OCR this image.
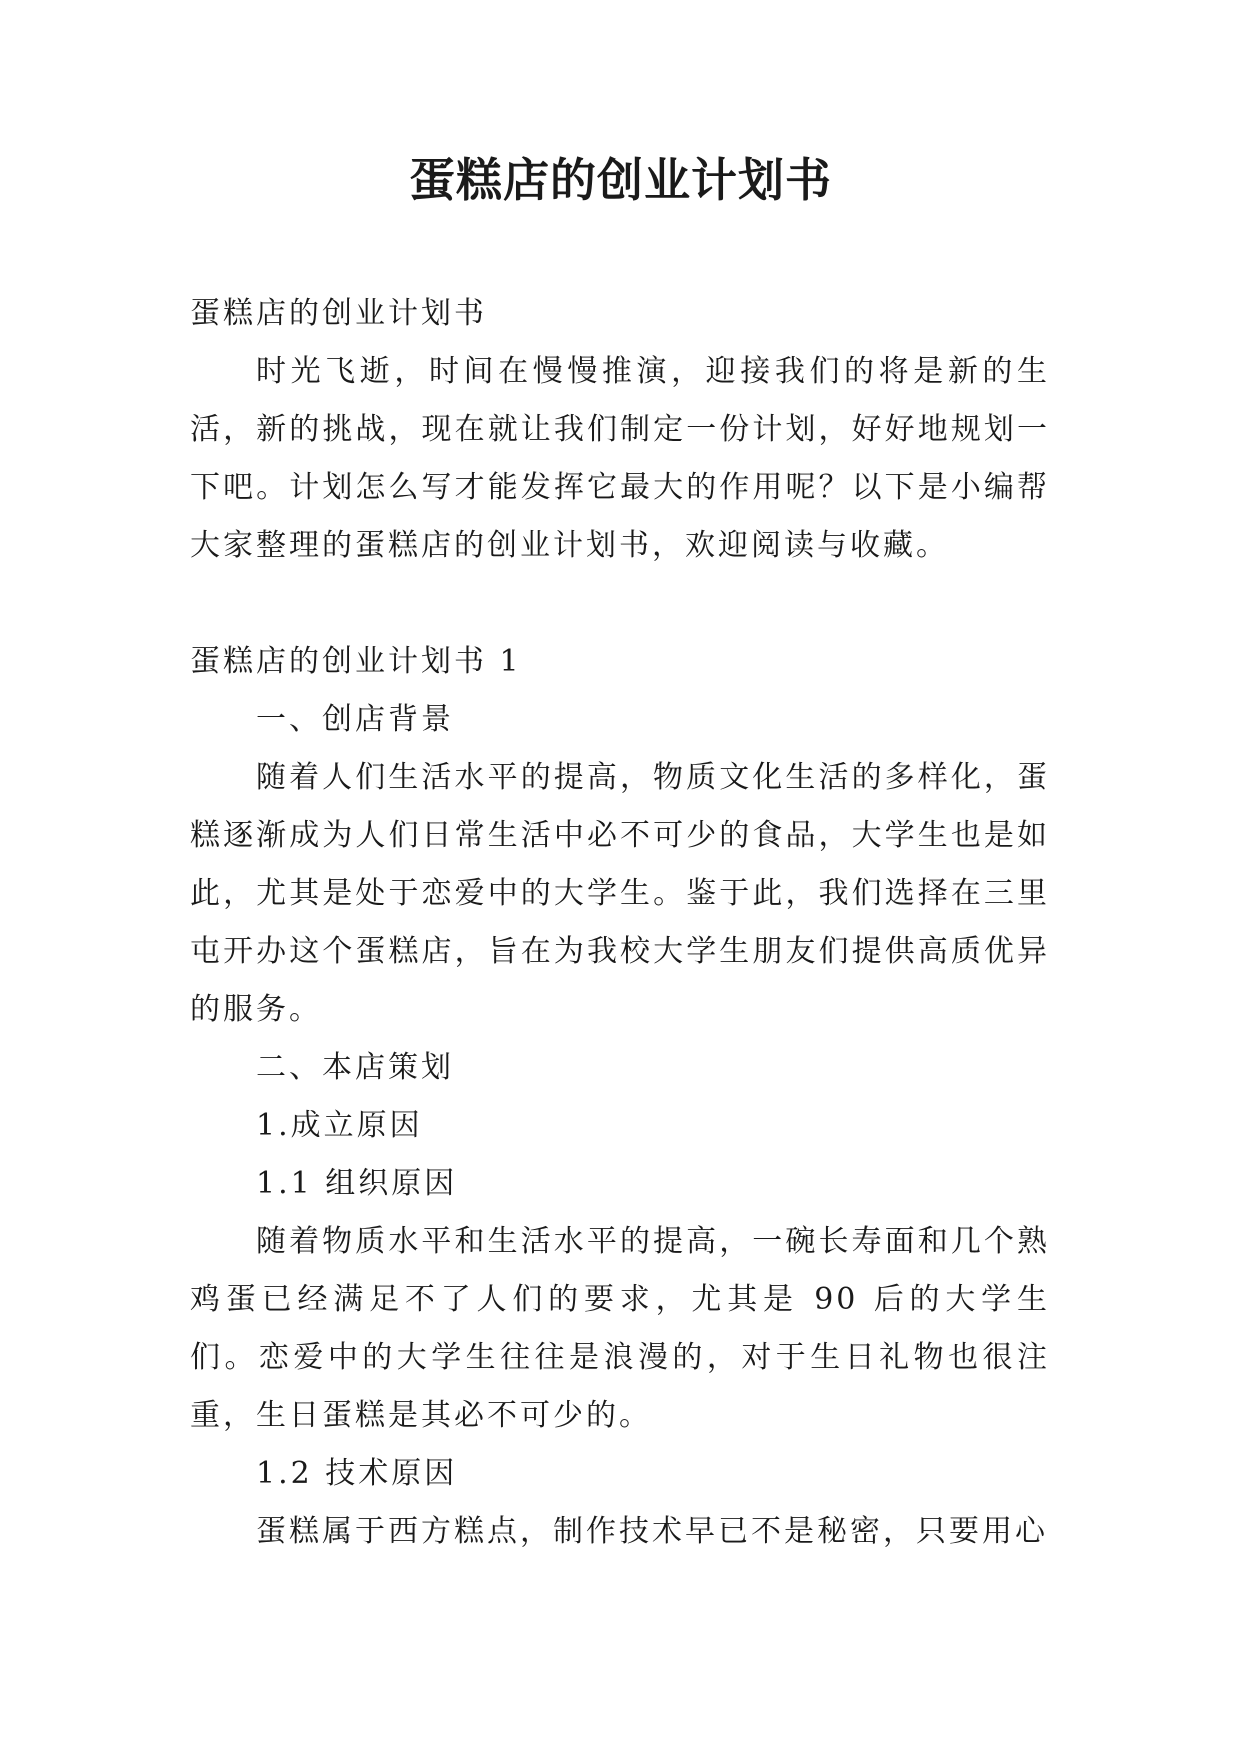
蛋糕店的创业计划书

蛋糕店的创业计划书

时光飞逝，时间在慢慢推演，迎接我们的将是新的生活，新的挑战，现在就让我们制定一份计划，好好地规划一下吧。计划怎么写才能发挥它最大的作用呢？以下是小编帮大家整理的蛋糕店的创业计划书，欢迎阅读与收藏。

蛋糕店的创业计划书 1

一、创店背景

随着人们生活水平的提高，物质文化生活的多样化，蛋糕逐渐成为人们日常生活中必不可少的食品，大学生也是如此，尤其是处于恋爱中的大学生。鉴于此，我们选择在三里屯开办这个蛋糕店，旨在为我校大学生朋友们提供高质优异的服务。

二、本店策划

1.成立原因

1.1 组织原因

随着物质水平和生活水平的提高，一碗长寿面和几个熟鸡蛋已经满足不了人们的要求，尤其是 90 后的大学生们。恋爱中的大学生往往是浪漫的，对于生日礼物也很注重，生日蛋糕是其必不可少的。

1.2 技术原因

蛋糕属于西方糕点，制作技术早已不是秘密，只要用心
